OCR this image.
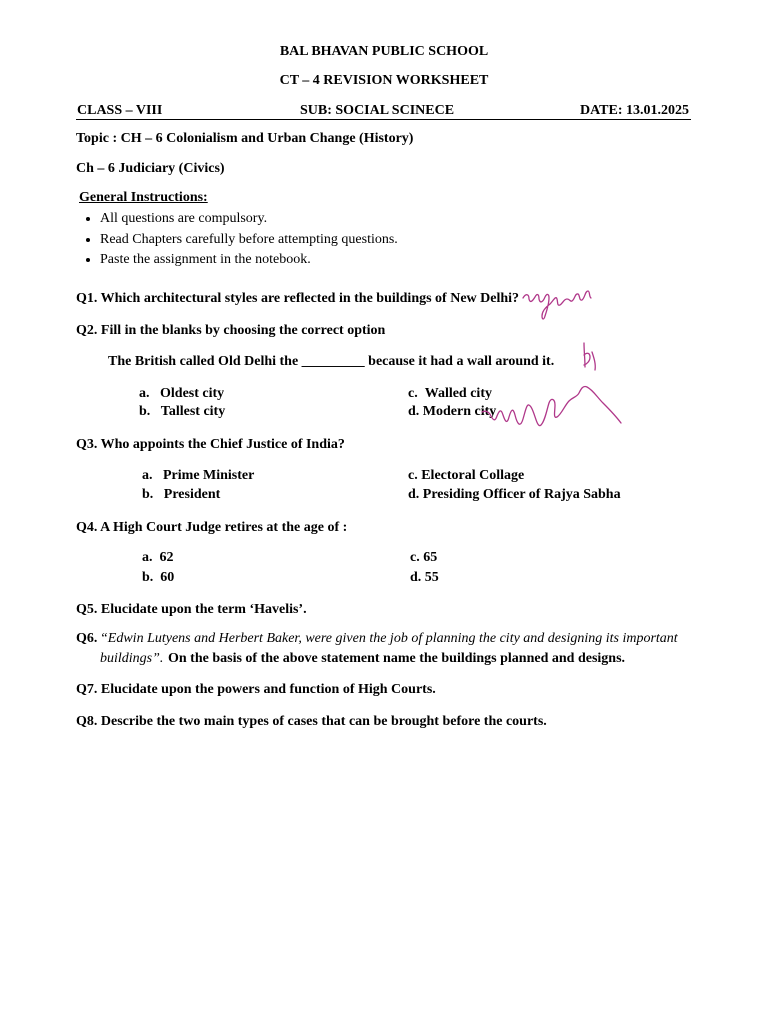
BAL BHAVAN PUBLIC SCHOOL
CT – 4 REVISION WORKSHEET
CLASS – VIII	SUB: SOCIAL SCINECE	DATE: 13.01.2025
Topic : CH – 6 Colonialism and Urban Change (History)
Ch – 6 Judiciary (Civics)
General Instructions:
• All questions are compulsory.
• Read Chapters carefully before attempting questions.
• Paste the assignment in the notebook.
Q1. Which architectural styles are reflected in the buildings of New Delhi?
Q2. Fill in the blanks by choosing the correct option
The British called Old Delhi the _________ because it had a wall around it.
a.   Oldest city
b.   Tallest city
c.  Walled city
d. Modern city
Q3. Who appoints the Chief Justice of India?
a.   Prime Minister
b.   President
c. Electoral Collage
d. Presiding Officer of Rajya Sabha
Q4. A High Court Judge retires at the age of :
a.  62
b.  60
c. 65
d. 55
Q5. Elucidate upon the term ‘Havelis’.
Q6. “Edwin Lutyens and Herbert Baker, were given the job of planning the city and designing its important
buildings”. On the basis of the above statement name the buildings planned and designs.
Q7. Elucidate upon the powers and function of High Courts.
Q8. Describe the two main types of cases that can be brought before the courts.
